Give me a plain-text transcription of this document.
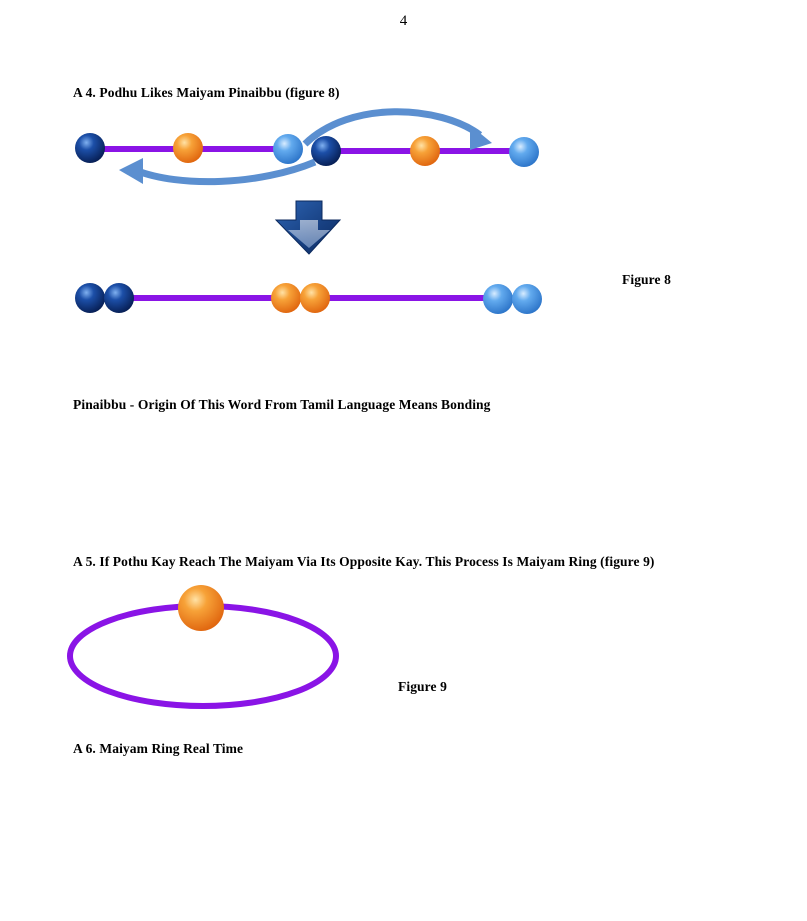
4
A 4. Podhu Likes Maiyam Pinaibbu (figure 8)
Figure 8
Pinaibbu - Origin Of This Word From Tamil Language Means Bonding
A 5. If Pothu Kay Reach The Maiyam Via Its Opposite Kay. This Process Is Maiyam Ring (figure 9)
Figure 9
A 6. Maiyam Ring Real Time
